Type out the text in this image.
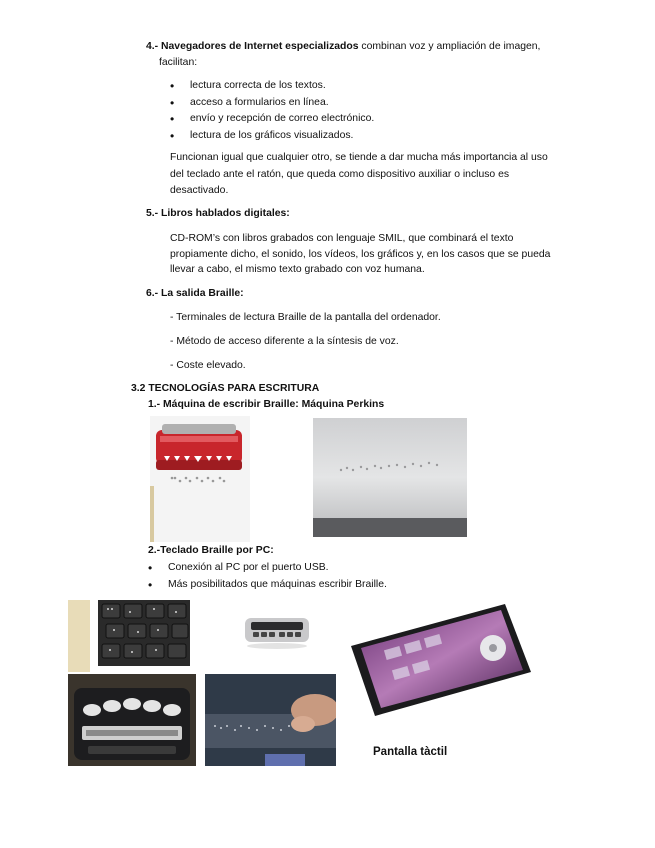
4.- Navegadores de Internet especializados combinan voz y ampliación de imagen,

facilitan:

• lectura correcta de los textos.
• acceso a formularios en línea.
• envío y recepción de correo electrónico.
• lectura de los gráficos visualizados.

Funcionan igual que cualquier otro, se tiende a dar mucha más importancia al uso

del teclado ante el ratón, que queda como dispositivo auxiliar o incluso es

desactivado.

5.- Libros hablados digitales:

CD-ROM’s con libros grabados con lenguaje SMIL, que combinará el texto

propiamente dicho, el sonido, los vídeos, los gráficos y, en los casos que se pueda

llevar a cabo, el mismo texto grabado con voz humana.

6.- La salida Braille:

- Terminales de lectura Braille de la pantalla del ordenador.

- Método de acceso diferente a la síntesis de voz.

- Coste elevado.

3.2 TECNOLOGÍAS PARA ESCRITURA

1.- Máquina de escribir Braille: Máquina Perkins

2.-Teclado Braille por PC:

• Conexión al PC por el puerto USB.
• Más posibilitados que máquinas escribir Braille.

Pantalla tàctil
